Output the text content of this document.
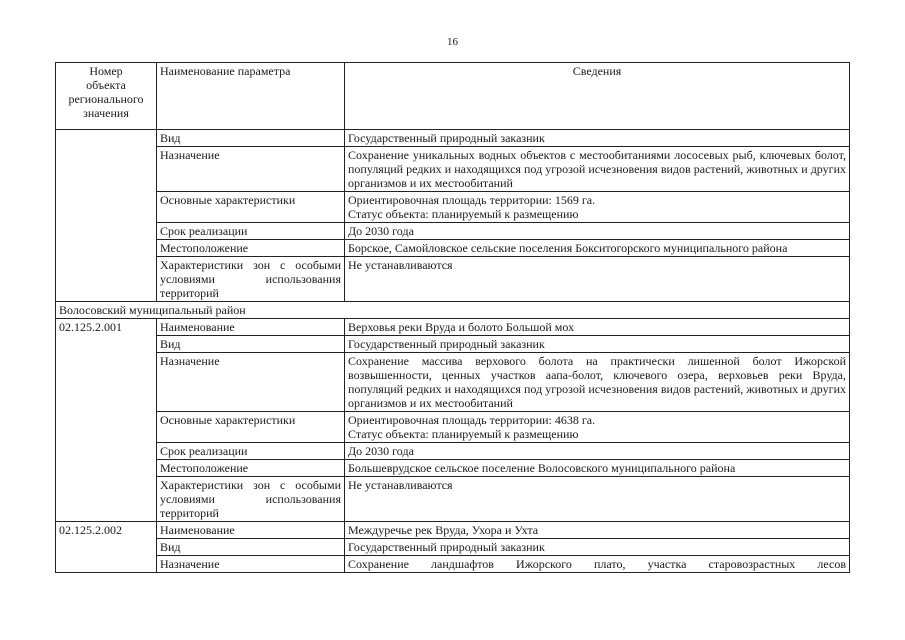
16
Номер
объекта
регионального
значения	Наименование параметра	Сведения
	Вид	Государственный природный заказник
	Назначение	Сохранение уникальных водных объектов с местообитаниями лососевых рыб, ключевых болот, популяций редких и находящихся под угрозой исчезновения видов растений, животных и других организмов и их местообитаний
	Основные характеристики	Ориентировочная площадь территории: 1569 га.
Статус объекта: планируемый к размещению

	Срок реализации	До 2030 года
	Местоположение	Борское, Самойловское сельские поселения Бокситогорского муниципального района
	Характеристики зон с особыми условиями использования территорий	Не устанавливаются
Волосовский муниципальный район		
02.125.2.001	Наименование	Верховья реки Вруда и болото Большой мох
	Вид	Государственный природный заказник
	Назначение	Сохранение массива верхового болота на практически лишенной болот Ижорской возвышенности, ценных участков аапа-болот, ключевого озера, верховьев реки Вруда, популяций редких и находящихся под угрозой исчезновения видов растений, животных и других организмов и их местообитаний
	Основные характеристики	Ориентировочная площадь территории: 4638 га.
Статус объекта: планируемый к размещению

	Срок реализации	До 2030 года
	Местоположение	Большеврудское сельское поселение Волосовского муниципального района
	Характеристики зон с особыми условиями использования территорий	Не устанавливаются
02.125.2.002	Наименование	Междуречье рек Вруда, Ухора и Ухта
	Вид	Государственный природный заказник
	Назначение	Сохранение ландшафтов Ижорского плато, участка старовозрастных лесов
